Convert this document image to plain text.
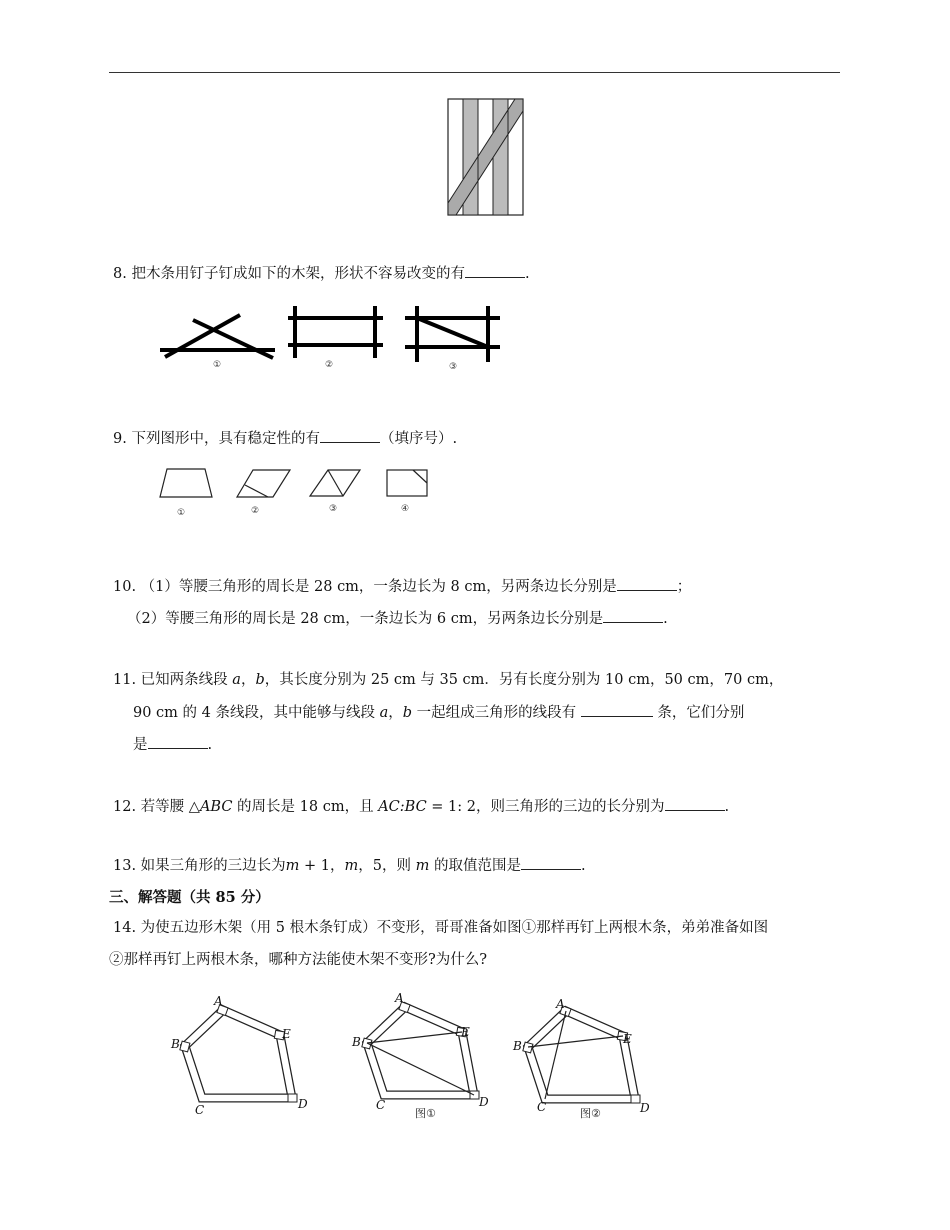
8. 把木条用钉子钉成如下的木架，形状不容易改变的有	.
①	②	③
9. 下列图形中，具有稳定性的有	（填序号）.
①	②	③	④
10. （1）等腰三角形的周长是 28 cm，一条边长为 8 cm，另两条边长分别是	；
（2）等腰三角形的周长是 28 cm，一条边长为 6 cm，另两条边长分别是	.
11. 已知两条线段 a，b，其长度分别为 25 cm 与 35 cm．另有长度分别为 10 cm，50 cm，70 cm，
90 cm 的 4 条线段，其中能够与线段 a，b 一起组成三角形的线段有	条，它们分别
是	.
12. 若等腰 △ABC 的周长是 18 cm，且 AC:BC = 1: 2，则三角形的三边的长分别为	.
13. 如果三角形的三边长为m + 1，m，5，则 m 的取值范围是	.
三、解答题（共 85 分）
14. 为使五边形木架（用 5 根木条钉成）不变形，哥哥准备如图①那样再钉上两根木条，弟弟准备如图
②那样再钉上两根木条，哪种方法能使木架不变形?为什么?
A
B
C	D
E
A
B
C	D
E
图①
A
B
C	D
E
图②
